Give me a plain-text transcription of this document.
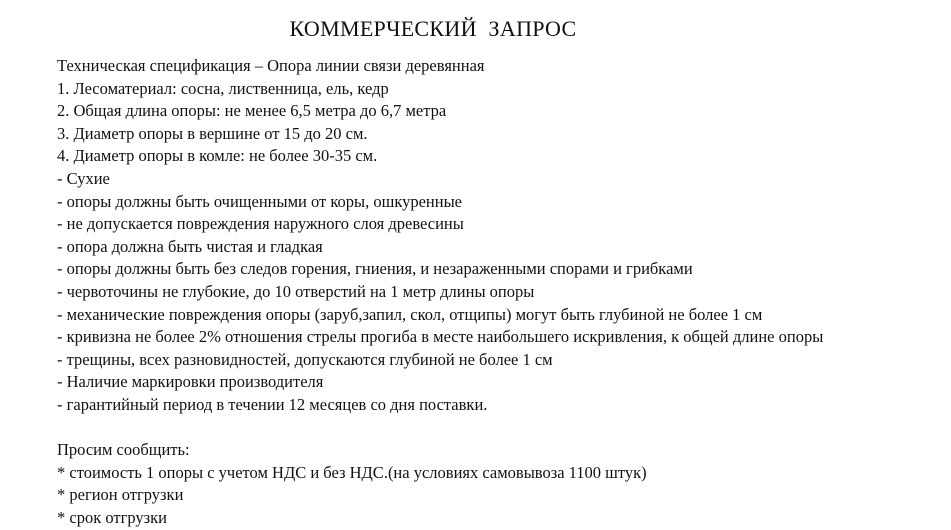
КОММЕРЧЕСКИЙ ЗАПРОС
Техническая спецификация – Опора линии связи деревянная
1. Лесоматериал: сосна, лиственница, ель, кедр
2. Общая длина опоры: не менее 6,5 метра до 6,7 метра
3. Диаметр опоры в вершине от 15 до 20 см.
4. Диаметр опоры в комле: не более 30-35 см.
- Сухие
- опоры должны быть очищенными от коры, ошкуренные
- не допускается повреждения наружного слоя древесины
- опора должна быть чистая и гладкая
- опоры должны быть без следов горения, гниения, и незараженными спорами и грибками
- червоточины не глубокие, до 10 отверстий на 1 метр длины опоры
- механические повреждения опоры (заруб,запил, скол, отщипы) могут быть глубиной не более 1 см
- кривизна не более 2% отношения стрелы прогиба в месте наибольшего искривления, к общей длине опоры
- трещины, всех разновидностей, допускаются глубиной не более 1 см
- Наличие маркировки производителя
- гарантийный период в течении 12 месяцев со дня поставки.
Просим сообщить:
* стоимость 1 опоры с учетом НДС и без НДС.(на условиях самовывоза 1100 штук)
* регион отгрузки
* срок отгрузки
